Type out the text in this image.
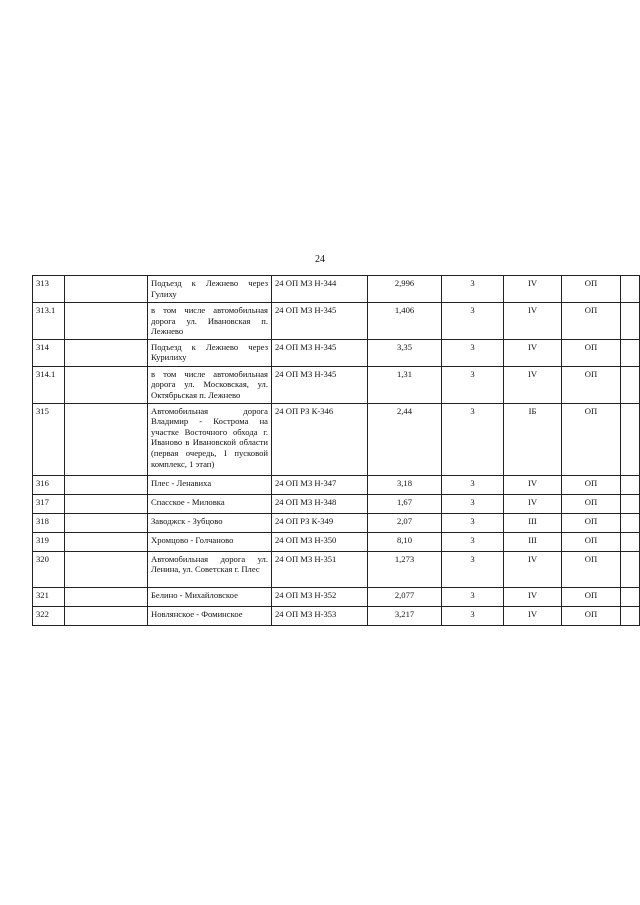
24
313		Подъезд к Лежнево через Гулиху	24 ОП МЗ Н-344	2,996	3	IV	ОП	
313.1		в том числе автомобильная дорога ул. Ивановская п. Лежнево	24 ОП МЗ Н-345	1,406	3	IV	ОП	
314		Подъезд к Лежнево через Курилиху	24 ОП МЗ Н-345	3,35	3	IV	ОП	
314.1		в том числе автомобильная дорога ул. Московская, ул. Октябрьская п. Лежнево	24 ОП МЗ Н-345	1,31	3	IV	ОП	
315		Автомобильная дорога Владимир - Кострома на участке Восточного обхода г. Иваново в Ивановской области (первая очередь, I пусковой комплекс, 1 этап)	24 ОП РЗ К-346	2,44	3	IБ	ОП	
316		Плес - Ленавиха	24 ОП МЗ Н-347	3,18	3	IV	ОП	
317		Спасское - Миловка	24 ОП МЗ Н-348	1,67	3	IV	ОП	
318		Заводжск - Зубцово	24 ОП РЗ К-349	2,07	3	III	ОП	
319		Хромцово - Голчаново	24 ОП МЗ Н-350	8,10	3	III	ОП	
320		Автомобильная дорога ул. Ленина, ул. Советская г. Плес	24 ОП МЗ Н-351	1,273	3	IV	ОП	
321		Белино - Михайловское	24 ОП МЗ Н-352	2,077	3	IV	ОП	
322		Новлянское - Фоминское	24 ОП МЗ Н-353	3,217	3	IV	ОП	
